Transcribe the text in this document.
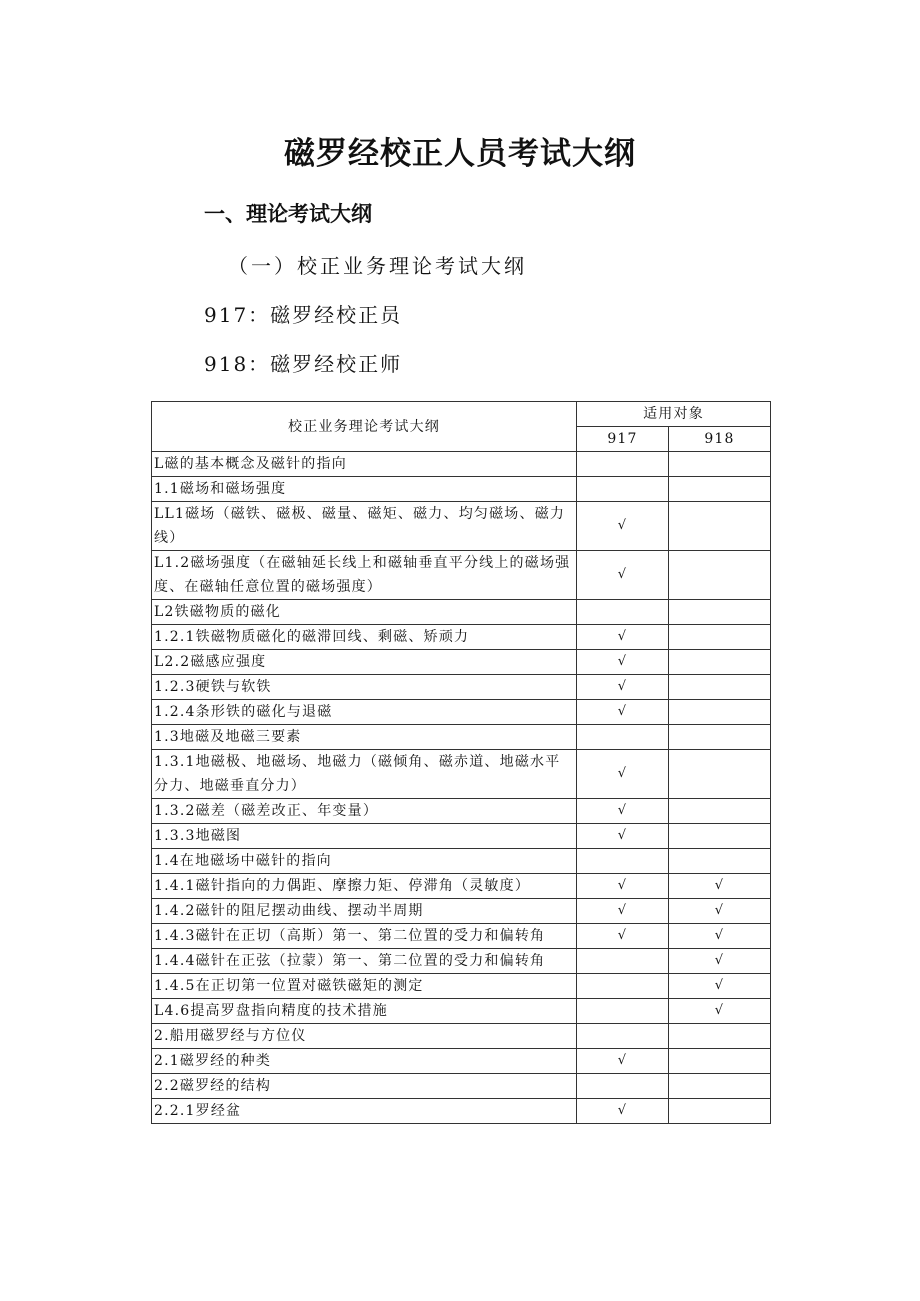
磁罗经校正人员考试大纲
一、理论考试大纲
（一）校正业务理论考试大纲
917：磁罗经校正员
918：磁罗经校正师
校正业务理论考试大纲	适用对象	
	917	918
L磁的基本概念及磁针的指向		
1.1磁场和磁场强度		
LL1磁场（磁铁、磁极、磁量、磁矩、磁力、均匀磁场、磁力线）	√	
L1.2磁场强度（在磁轴延长线上和磁轴垂直平分线上的磁场强度、在磁轴任意位置的磁场强度）	√	
L2铁磁物质的磁化		
1.2.1铁磁物质磁化的磁滞回线、剩磁、矫顽力	√	
L2.2磁感应强度	√	
1.2.3硬铁与软铁	√	
1.2.4条形铁的磁化与退磁	√	
1.3地磁及地磁三要素		
1.3.1地磁极、地磁场、地磁力（磁倾角、磁赤道、地磁水平分力、地磁垂直分力）	√	
1.3.2磁差（磁差改正、年变量）	√	
1.3.3地磁图	√	
1.4在地磁场中磁针的指向		
1.4.1磁针指向的力偶距、摩擦力矩、停滞角（灵敏度）	√	√
1.4.2磁针的阻尼摆动曲线、摆动半周期	√	√
1.4.3磁针在正切（高斯）第一、第二位置的受力和偏转角	√	√
1.4.4磁针在正弦（拉蒙）第一、第二位置的受力和偏转角		√
1.4.5在正切第一位置对磁铁磁矩的测定		√
L4.6提高罗盘指向精度的技术措施		√
2.船用磁罗经与方位仪		
2.1磁罗经的种类	√	
2.2磁罗经的结构		
2.2.1罗经盆	√	
